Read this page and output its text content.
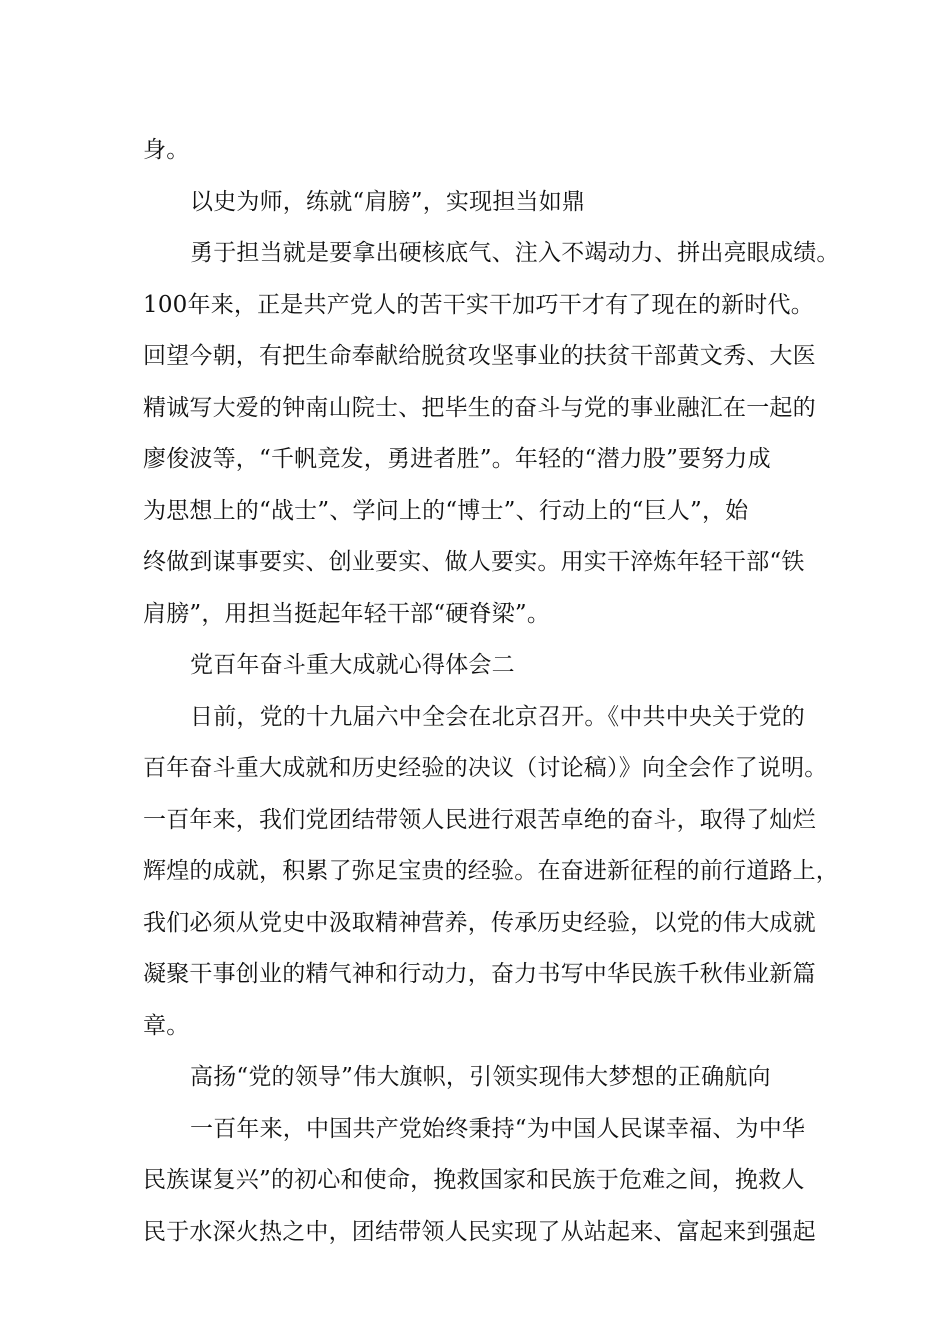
身。
以史为师，练就“肩膀”，实现担当如鼎
勇于担当就是要拿出硬核底气、注入不竭动力、拼出亮眼成绩。
100年来，正是共产党人的苦干实干加巧干才有了现在的新时代。
回望今朝，有把生命奉献给脱贫攻坚事业的扶贫干部黄文秀、大医
精诚写大爱的钟南山院士、把毕生的奋斗与党的事业融汇在一起的
廖俊波等，“千帆竞发，勇进者胜”。年轻的“潜力股”要努力成
为思想上的“战士”、学问上的“博士”、行动上的“巨人”，始
终做到谋事要实、创业要实、做人要实。用实干淬炼年轻干部“铁
肩膀”，用担当挺起年轻干部“硬脊梁”。
党百年奋斗重大成就心得体会二
日前，党的十九届六中全会在北京召开。《中共中央关于党的
百年奋斗重大成就和历史经验的决议（讨论稿）》向全会作了说明。
一百年来，我们党团结带领人民进行艰苦卓绝的奋斗，取得了灿烂
辉煌的成就，积累了弥足宝贵的经验。在奋进新征程的前行道路上，
我们必须从党史中汲取精神营养，传承历史经验，以党的伟大成就
凝聚干事创业的精气神和行动力，奋力书写中华民族千秋伟业新篇
章。
高扬“党的领导”伟大旗帜，引领实现伟大梦想的正确航向
一百年来，中国共产党始终秉持“为中国人民谋幸福、为中华
民族谋复兴”的初心和使命，挽救国家和民族于危难之间，挽救人
民于水深火热之中，团结带领人民实现了从站起来、富起来到强起
